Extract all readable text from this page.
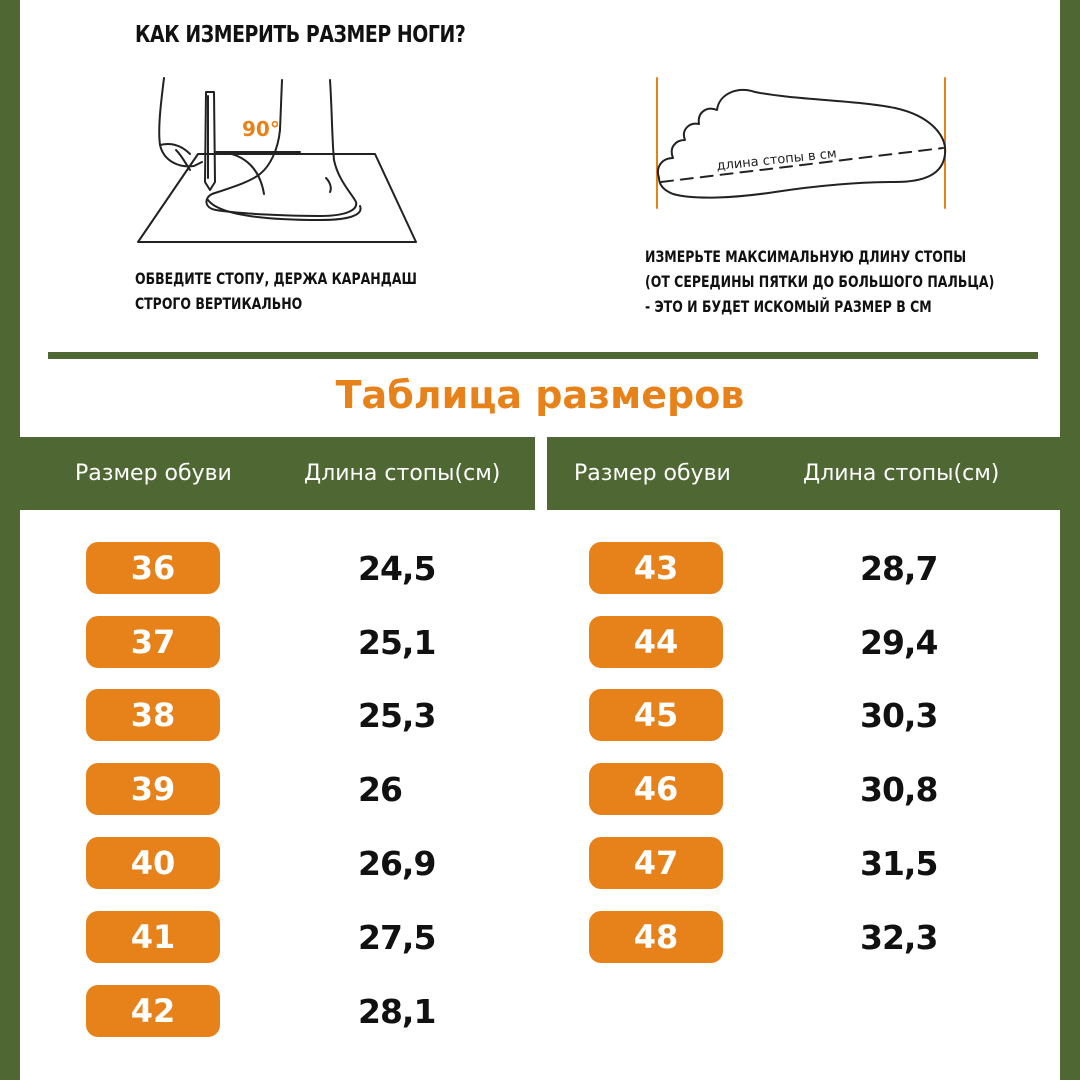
КАК ИЗМЕРИТЬ РАЗМЕР НОГИ?
90°
ОБВЕДИТЕ СТОПУ, ДЕРЖА КАРАНДАШ
СТРОГО ВЕРТИКАЛЬНО
длина стопы в см
ИЗМЕРЬТЕ МАКСИМАЛЬНУЮ ДЛИНУ СТОПЫ
(ОТ СЕРЕДИНЫ ПЯТКИ ДО БОЛЬШОГО ПАЛЬЦА)
- ЭТО И БУДЕТ ИСКОМЫЙ РАЗМЕР В СМ
Таблица размеров
Размер обуви	Длина стопы(см)	Размер обуви	Длина стопы(см)
36	24,5
37	25,1
38	25,3
39	26
40	26,9
41	27,5
42	28,1
43	28,7
44	29,4
45	30,3
46	30,8
47	31,5
48	32,3
